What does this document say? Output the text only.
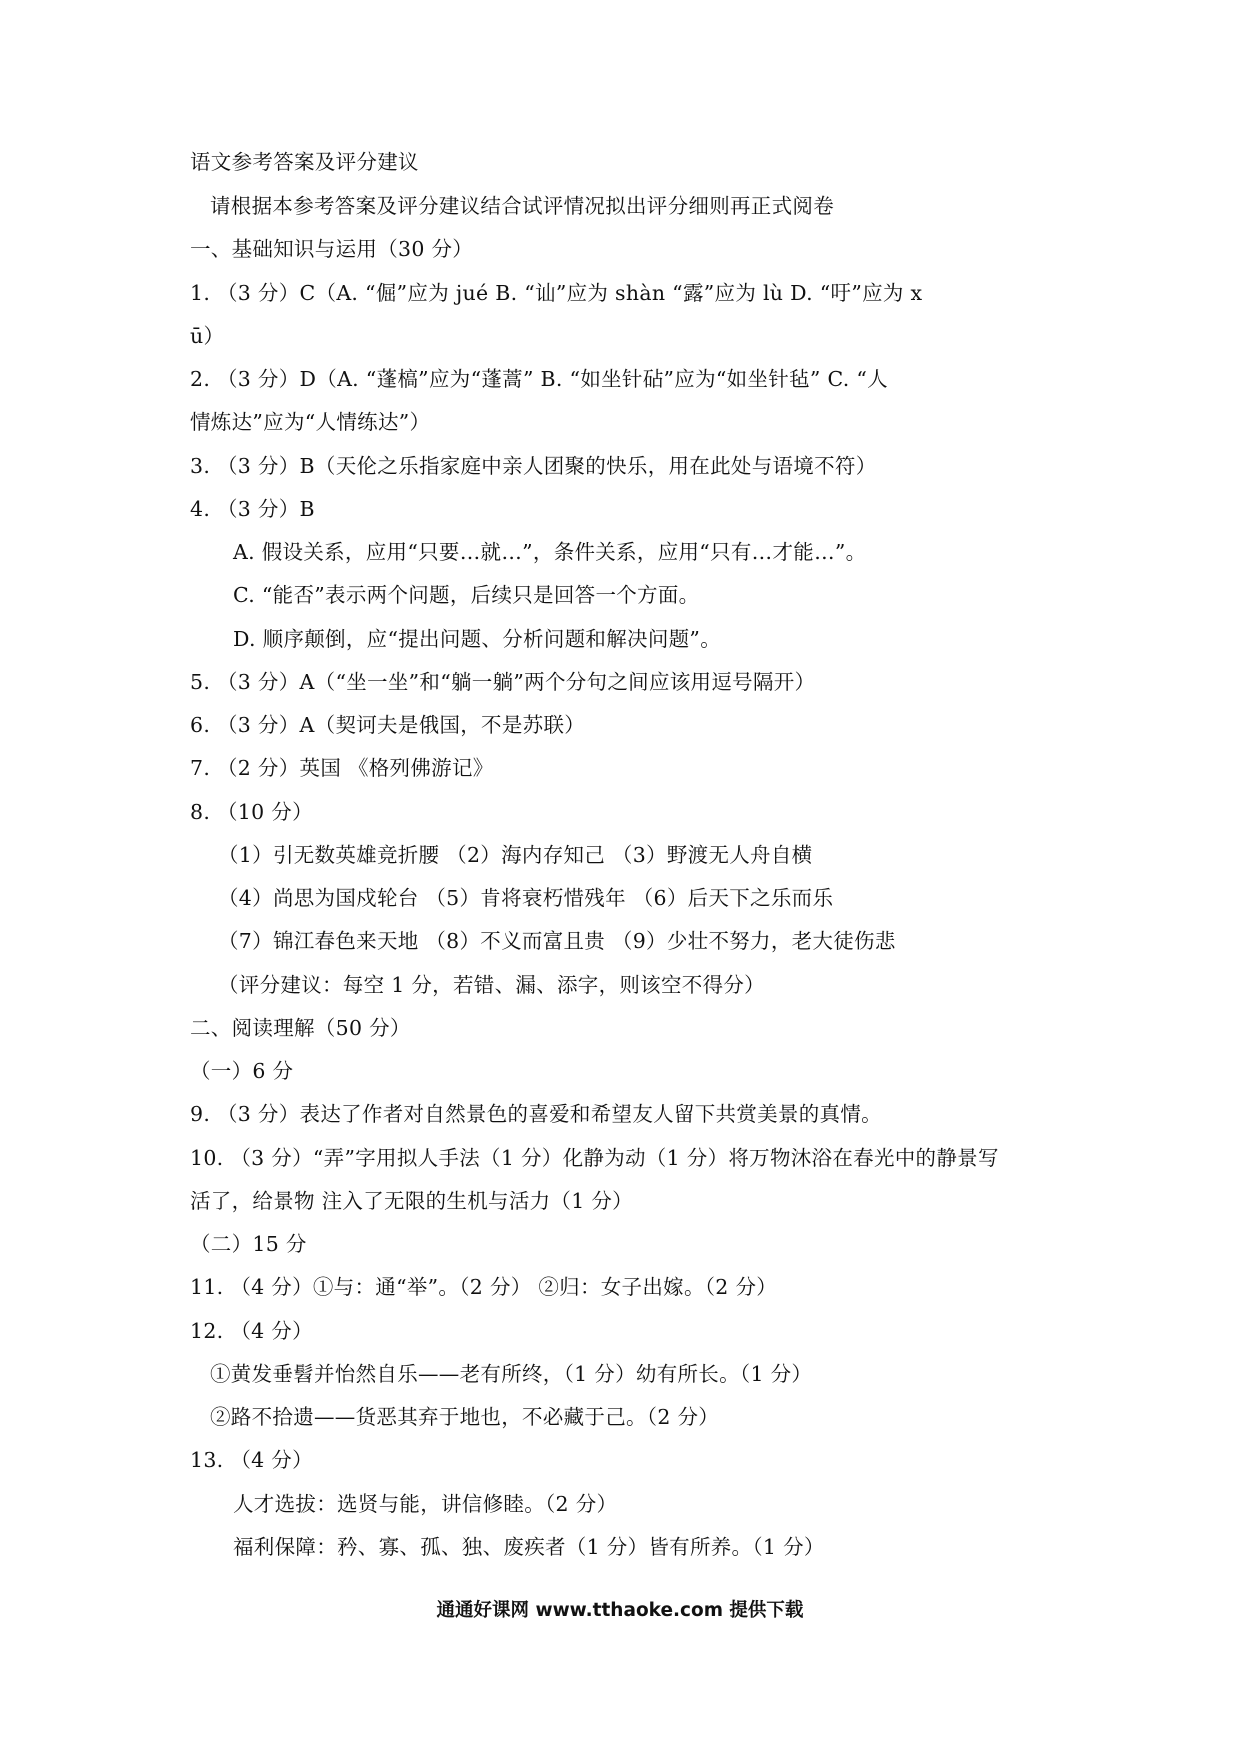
语文参考答案及评分建议
请根据本参考答案及评分建议结合试评情况拟出评分细则再正式阅卷
一、基础知识与运用（30 分）
1. （3 分）C（A. “倔”应为 jué B. “讪”应为 shàn “露”应为 lù D. “吁”应为 x
ū）
2. （3 分）D（A. “蓬槁”应为“蓬蒿” B. “如坐针砧”应为“如坐针毡” C. “人
情炼达”应为“人情练达”）
3. （3 分）B（天伦之乐指家庭中亲人团聚的快乐，用在此处与语境不符）
4. （3 分）B
A. 假设关系，应用“只要…就…”，条件关系，应用“只有…才能…”。
C. “能否”表示两个问题，后续只是回答一个方面。
D. 顺序颠倒，应“提出问题、分析问题和解决问题”。
5. （3 分）A（“坐一坐”和“躺一躺”两个分句之间应该用逗号隔开）
6. （3 分）A（契诃夫是俄国，不是苏联）
7. （2 分）英国 《格列佛游记》
8. （10 分）
（1）引无数英雄竞折腰 （2）海内存知己 （3）野渡无人舟自横
（4）尚思为国戍轮台 （5）肯将衰朽惜残年 （6）后天下之乐而乐
（7）锦江春色来天地 （8）不义而富且贵 （9）少壮不努力，老大徒伤悲
（评分建议：每空 1 分，若错、漏、添字，则该空不得分）
二、阅读理解（50 分）
（一）6 分
9. （3 分）表达了作者对自然景色的喜爱和希望友人留下共赏美景的真情。
10. （3 分）“弄”字用拟人手法（1 分）化静为动（1 分）将万物沐浴在春光中的静景写
活了，给景物 注入了无限的生机与活力（1 分）
（二）15 分
11. （4 分）①与：通“举”。（2 分） ②归：女子出嫁。（2 分）
12. （4 分）
①黄发垂髫并怡然自乐——老有所终，（1 分）幼有所长。（1 分）
②路不拾遗——货恶其弃于地也，不必藏于己。（2 分）
13. （4 分）
人才选拔：选贤与能，讲信修睦。（2 分）
福利保障：矜、寡、孤、独、废疾者（1 分）皆有所养。（1 分）
通通好课网 www.tthaoke.com 提供下载
